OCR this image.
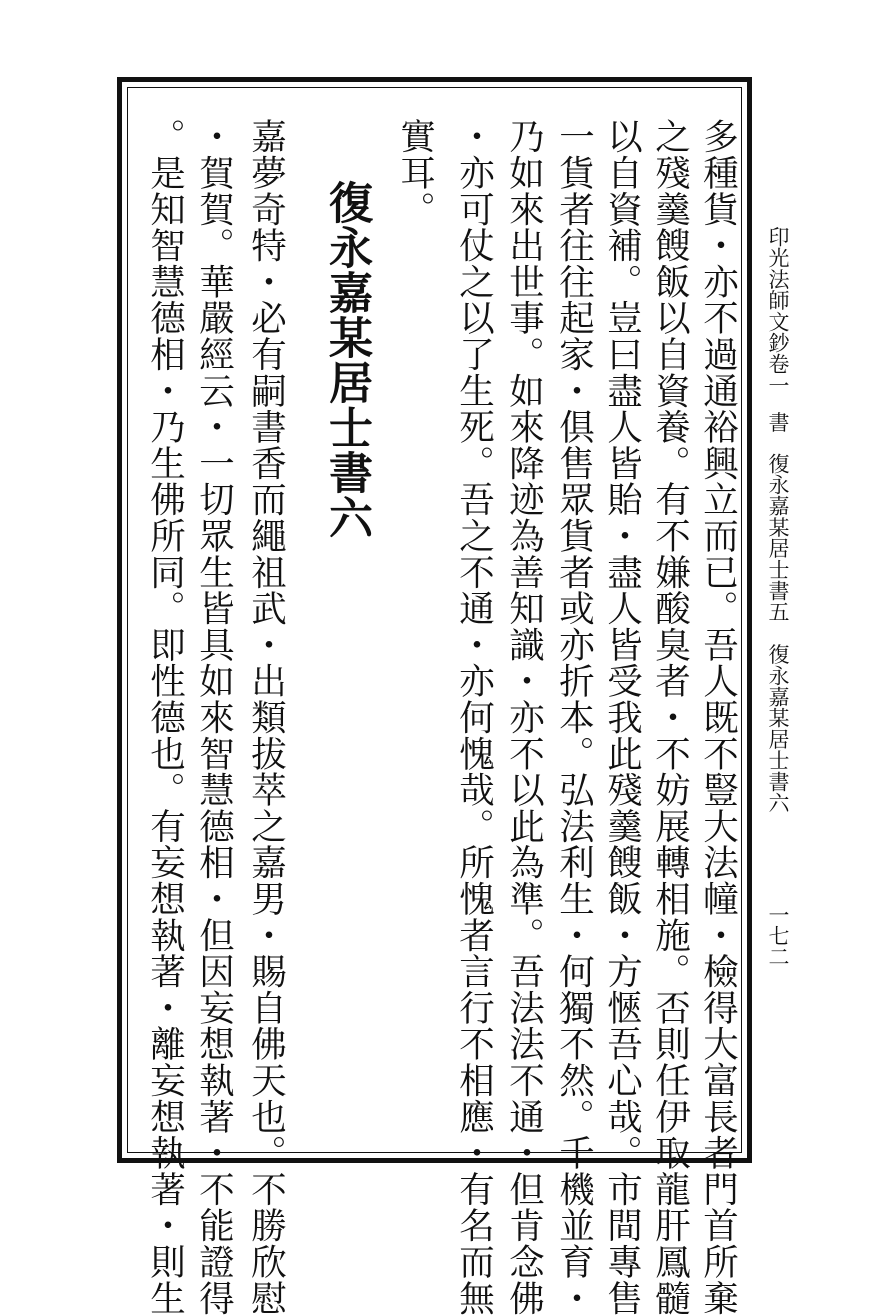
印光法師文鈔卷一書復永嘉某居士書五　復永嘉某居士書六
一七二
多種貨・亦不過通裕興立而已。吾人既不豎大法幢・檢得大富長者門首所棄
之殘羹餿飯以自資養。有不嫌酸臭者・不妨展轉相施。否則任伊取龍肝鳳髓
以自資補。豈曰盡人皆貽・盡人皆受我此殘羹餿飯・方愜吾心哉。市間專售
一貨者往往起家・俱售眾貨者或亦折本。弘法利生・何獨不然。千機並育・
乃如來出世事。如來降迹為善知識・亦不以此為準。吾法法不通・但肯念佛
・亦可仗之以了生死。吾之不通・亦何愧哉。所愧者言行不相應・有名而無
實耳。
復永嘉某居士書六
嘉夢奇特・必有嗣書香而繩祖武・出類拔萃之嘉男・賜自佛天也。不勝欣慰
・賀賀。華嚴經云・一切眾生皆具如來智慧德相・但因妄想執著・不能證得
。是知智慧德相・乃生佛所同。即性德也。有妄想執著・離妄想執著・則生
